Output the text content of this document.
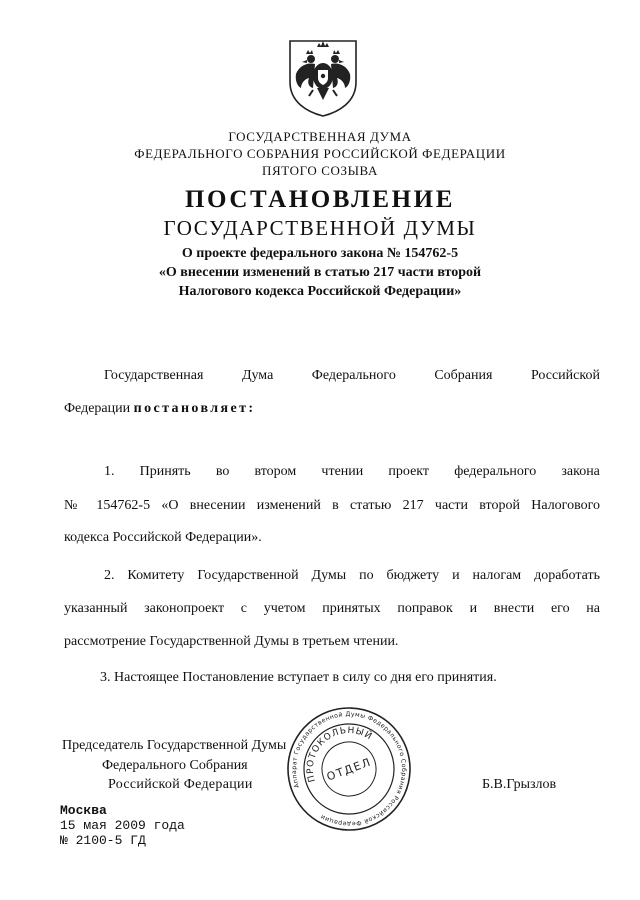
ГОСУДАРСТВЕННАЯ ДУМА
ФЕДЕРАЛЬНОГО СОБРАНИЯ РОССИЙСКОЙ ФЕДЕРАЦИИ
ПЯТОГО СОЗЫВА
ПОСТАНОВЛЕНИЕ
ГОСУДАРСТВЕННОЙ ДУМЫ
О проекте федерального закона № 154762-5
«О внесении изменений в статью 217 части второй
Налогового кодекса Российской Федерации»
Государственная	Дума	Федерального	Собрания	Российской
Федерации постановляет:
1. Принять во втором чтении проект федерального закона
№ 154762-5 «О внесении изменений в статью 217 части второй Налогового
кодекса Российской Федерации».
2. Комитету Государственной Думы по бюджету и налогам доработать
указанный законопроект с учетом принятых поправок и внести его на
рассмотрение Государственной Думы в третьем чтении.
3. Настоящее Постановление вступает в силу со дня его принятия.
Председатель Государственной Думы
Федерального Собрания
Российской Федерации	Б.В.Грызлов
Аппарат Государственной Думы Федерального Собрания Российской Федерации
ПРОТОКОЛЬНЫЙ
ОТДЕЛ
Москва
15 мая 2009 года
№ 2100-5 ГД
